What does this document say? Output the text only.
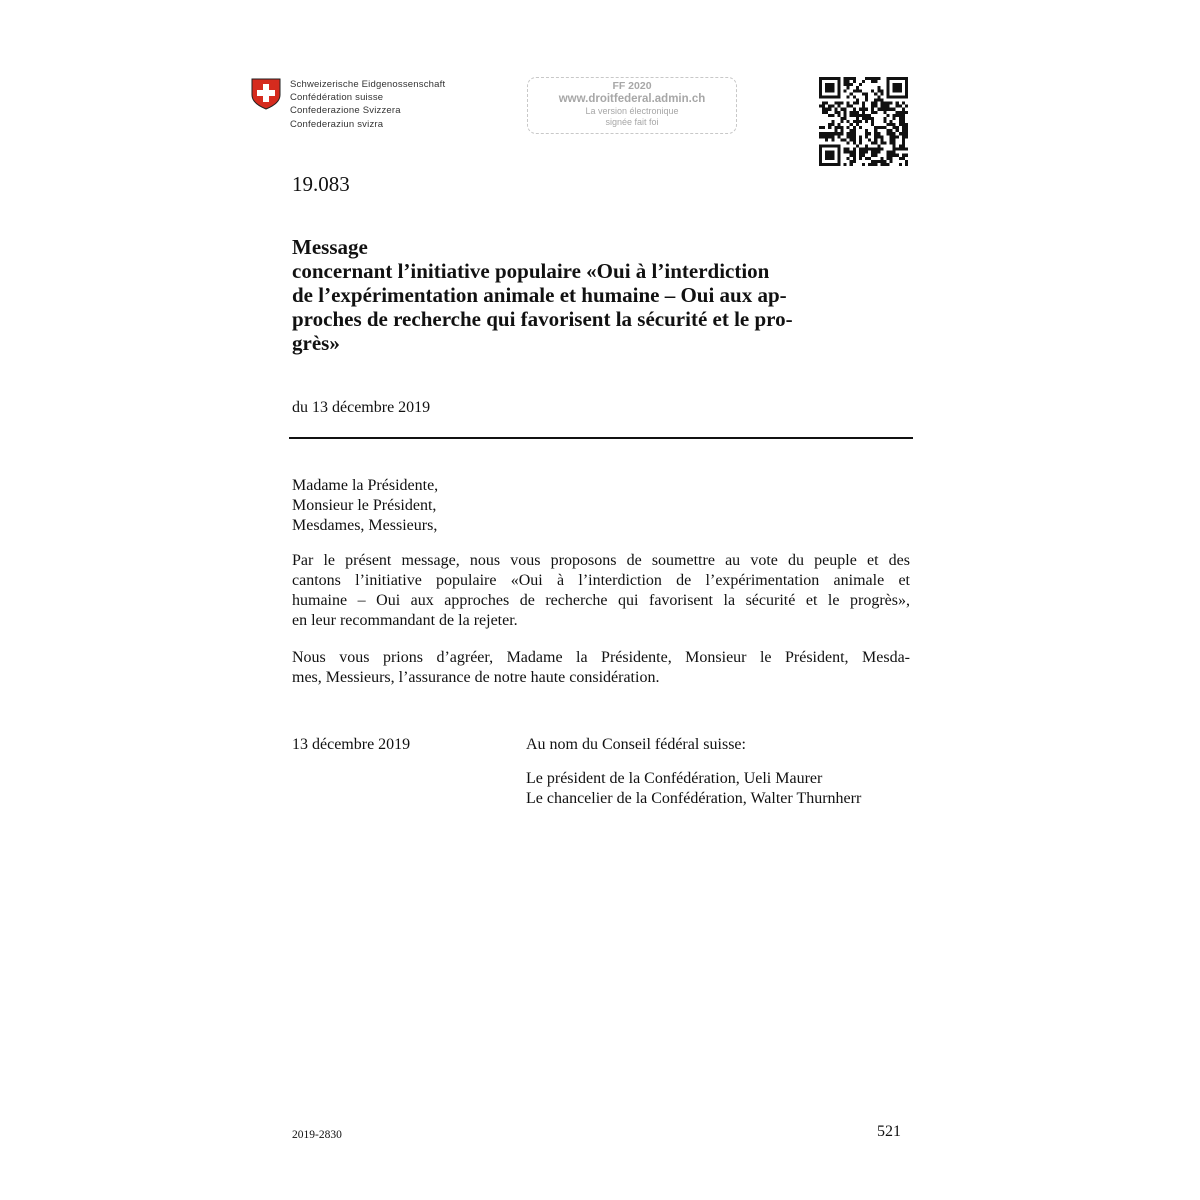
Schweizerische Eidgenossenschaft
Confédération suisse
Confederazione Svizzera
Confederaziun svizra
FF 2020
www.droitfederal.admin.ch
La version électronique
signée fait foi
19.083
Message
concernant l’initiative populaire «Oui à l’interdiction
de l’expérimentation animale et humaine – Oui aux ap-
proches de recherche qui favorisent la sécurité et le pro-
grès»
du 13 décembre 2019
Madame la Présidente,
Monsieur le Président,
Mesdames, Messieurs,
Par le présent message, nous vous proposons de soumettre au vote du peuple et des
cantons l’initiative populaire «Oui à l’interdiction de l’expérimentation animale et
humaine – Oui aux approches de recherche qui favorisent la sécurité et le progrès»,
en leur recommandant de la rejeter.
Nous vous prions d’agréer, Madame la Présidente, Monsieur le Président, Mesda-
mes, Messieurs, l’assurance de notre haute considération.
13 décembre 2019	Au nom du Conseil fédéral suisse:
Le président de la Confédération, Ueli Maurer
Le chancelier de la Confédération, Walter Thurnherr
2019-2830	521
